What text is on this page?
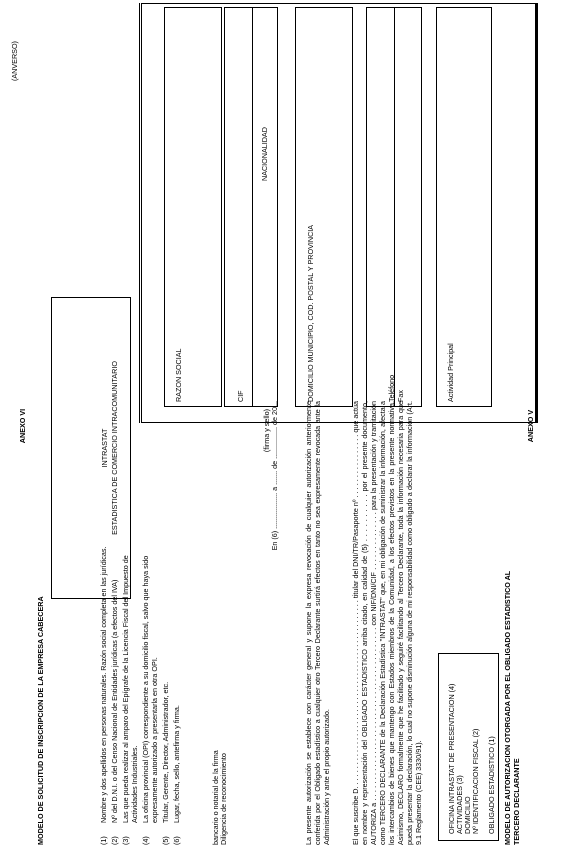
ANEXO V
MODELO DE AUTORIZACION OTORGADA POR EL OBLIGADO ESTADISTICO AL TERCERO DECLARANTE
OBLIGADO ESTADISTICO (1)
Nº IDENTIFICACION FISCAL (2)
DOMICILIO
ACTIVIDADES (3)
OFICINA INTRASTAT DE PRESENTACION (4)
El que suscribe D. . . . . . . . . . . . . . . . . . . . . . . . . . . . . . . . . . . . . . . . . . . . . . . titular del DNI/TR/Pasaporte nº . . . . . . . . . . . . . . . . que actúa en nombre y representación del OBLIGADO ESTADISTICO arriba citado, en calidad de (5) . . . . . . . . . . por el presente documento, AUTORIZA a . . . . . . . . . . . . . . . . . . . . . . . . . . . . . . . . . . . . . . . . . con NIF/DNI/CIF . . . . . . . . . . . . . . para la presentación y tramitación como TERCERO DECLARANTE de la Declaración Estadística "INTRASTAT" que, en mi obligación de suministrar la información, afecta a los intercambios de bienes que mantengo con Estados miembros de la Comunidad, a los efectos previstos en la presente normativa. Asimismo, DECLARO formalmente que he facilitado y seguiré facilitando al Tercero Declarante, toda la información necesaria para que pueda presentar la declaración, lo cual no supone disminución alguna de mi responsabilidad como obligado a declarar la información (Art. 9.1 Reglamento (CEE) 3330/91).
La presente autorización se establece con carácter general y supone la expresa revocación de cualquier autorización anteriormente conferida por el Obligado estadístico a cualquier otro Tercero Declarante surtirá efectos en tanto no sea expresamente revocada ante la Administración y ante el propio autorizado.
En (6) .................. a ....... de ................ de 20...
(firma y sello)
Diligencia de reconocimiento
bancario o notarial de la firma
(1)
Nombre y dos apellidos en personas naturales. Razón social completa en las jurídicas.
(2)
Nº del D.N.I. o del Censo Nacional de Entidades jurídicas (a efectos del IVA)
(3)
Las que pueda realizar al amparo del Epígrafe de la Licencia Fiscal del Impuesto de Actividades Industriales.
(4)
La oficina provincial (OPI) correspondiente a su domicilio fiscal, salvo que haya sido expresamente autorizado a presentarla en otra OPI.
(5)
Titular, Gerente, Director, Administrador, etc.
(6)
Lugar, fecha, sello, antefirma y firma.
ANEXO VI
(ANVERSO)
MODELO DE SOLICITUD DE INSCRIPCION DE LA EMPRESA CABECERA
INTRASTAT ESTADISTICA DE COMERCIO INTRACOMUNITARIO	RAZON SOCIAL	CIF
NACIONALIDAD
DOMICILIO MUNICIPIO, COD. POSTAL Y PROVINCIA	Teléfono Fax	Actividad Principal
